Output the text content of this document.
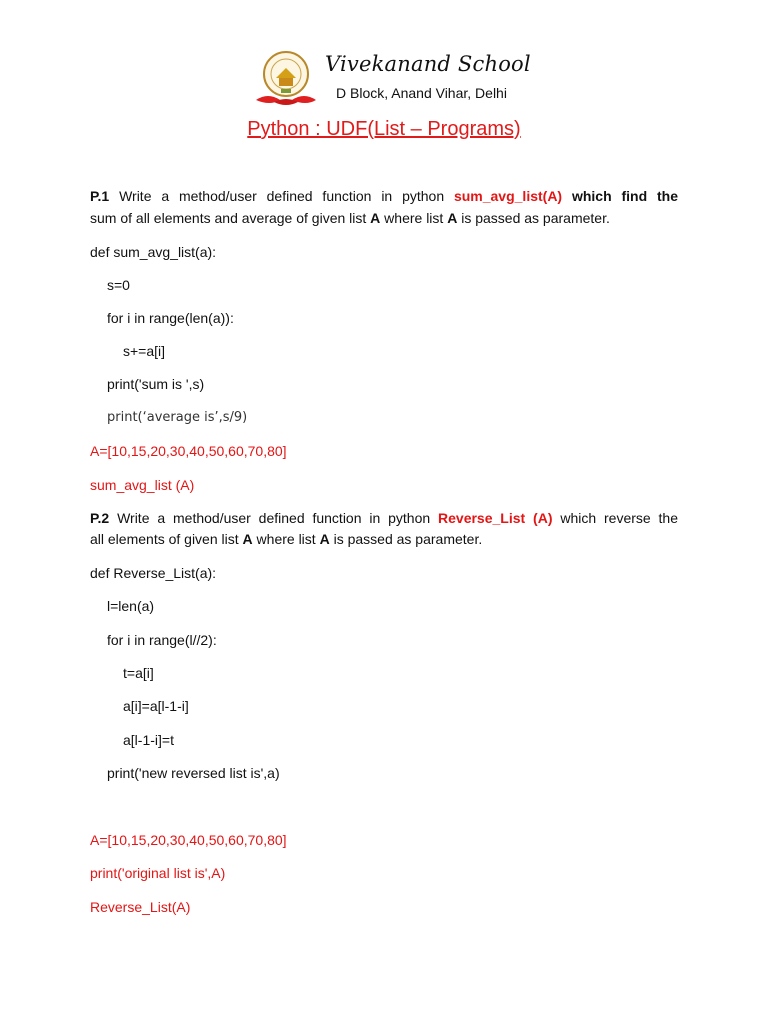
Vivekanand School
D Block, Anand Vihar, Delhi
Python : UDF(List – Programs)
P.1 Write a method/user defined function in python sum_avg_list(A) which find the
sum of all elements and average of given list A where list A is passed as parameter.
def sum_avg_list(a):
s=0
for i in range(len(a)):
s+=a[i]
print('sum is ',s)
print(‘average is’,s/9)
A=[10,15,20,30,40,50,60,70,80]
sum_avg_list (A)
P.2 Write a method/user defined function in python Reverse_List (A) which reverse the
all elements of given list A where list A is passed as parameter.
def Reverse_List(a):
l=len(a)
for i in range(l//2):
t=a[i]
a[i]=a[l-1-i]
a[l-1-i]=t
print('new reversed list is',a)
A=[10,15,20,30,40,50,60,70,80]
print('original list is',A)
Reverse_List(A)
